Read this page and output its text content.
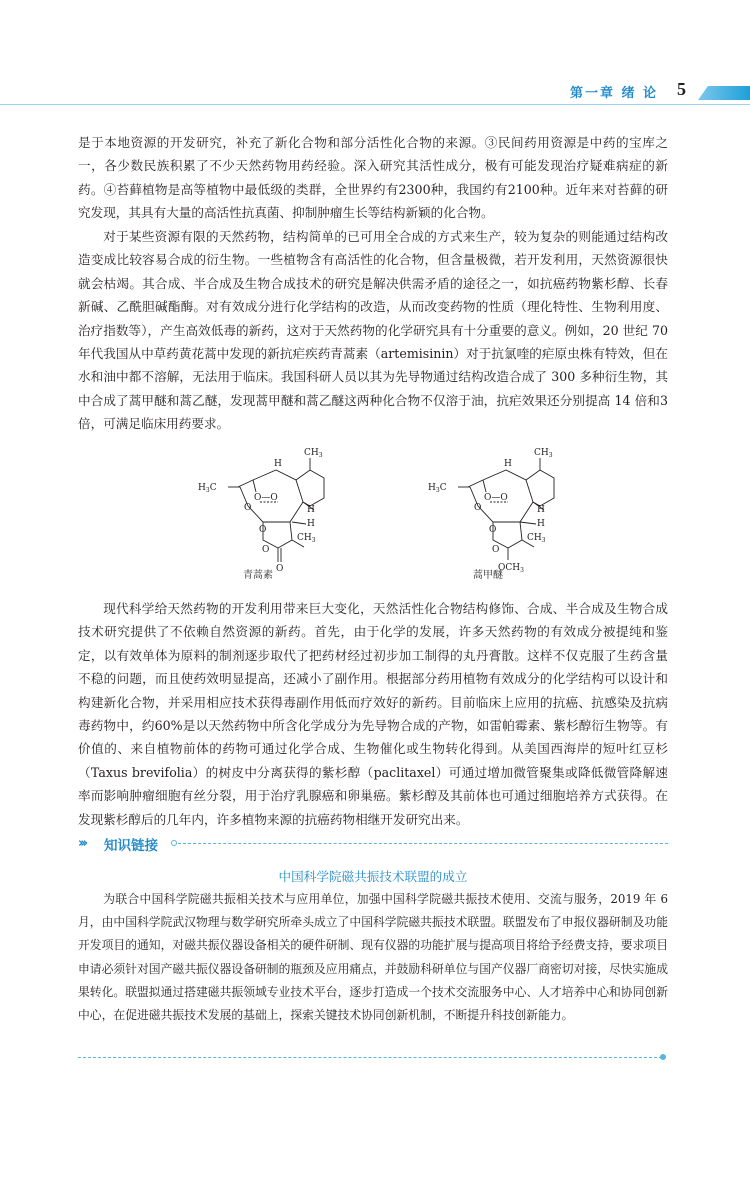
第一章 绪 论 5
是于本地资源的开发研究，补充了新化合物和部分活性化合物的来源。③民间药用资源是中药的宝库之一，各少数民族积累了不少天然药物用药经验。深入研究其活性成分，极有可能发现治疗疑难病症的新药。④苔藓植物是高等植物中最低级的类群，全世界约有2300种，我国约有2100种。近年来对苔藓的研究发现，其具有大量的高活性抗真菌、抑制肿瘤生长等结构新颖的化合物。
对于某些资源有限的天然药物，结构简单的已可用全合成的方式来生产，较为复杂的则能通过结构改造变成比较容易合成的衍生物。一些植物含有高活性的化合物，但含量极微，若开发利用，天然资源很快就会枯竭。其合成、半合成及生物合成技术的研究是解决供需矛盾的途径之一，如抗癌药物紫杉醇、长春新碱、乙酰胆碱酯酶。对有效成分进行化学结构的改造，从而改变药物的性质（理化特性、生物利用度、治疗指数等），产生高效低毒的新药，这对于天然药物的化学研究具有十分重要的意义。例如，20 世纪 70 年代我国从中草药黄花蒿中发现的新抗疟疾药青蒿素（artemisinin）对于抗氯喹的疟原虫株有特效，但在水和油中都不溶解，无法用于临床。我国科研人员以其为先导物通过结构改造合成了 300 多种衍生物，其中合成了蒿甲醚和蒿乙醚，发现蒿甲醚和蒿乙醚这两种化合物不仅溶于油，抗疟效果还分别提高 14 倍和3 倍，可满足临床用药要求。
$CH_3$
H
$H_3C$
O—O
O
O
O
O
H
H
$CH_3$
青蒿素
$CH_3$
H
$H_3C$
O—O
O
O
O
H
H
$CH_3$
$OCH_3$
蒿甲醚
现代科学给天然药物的开发利用带来巨大变化，天然活性化合物结构修饰、合成、半合成及生物合成技术研究提供了不依赖自然资源的新药。首先，由于化学的发展，许多天然药物的有效成分被提纯和鉴定，以有效单体为原料的制剂逐步取代了把药材经过初步加工制得的丸丹膏散。这样不仅克服了生药含量不稳的问题，而且使药效明显提高，还减小了副作用。根据部分药用植物有效成分的化学结构可以设计和构建新化合物，并采用相应技术获得毒副作用低而疗效好的新药。目前临床上应用的抗癌、抗感染及抗病毒药物中，约60%是以天然药物中所含化学成分为先导物合成的产物，如雷帕霉素、紫杉醇衍生物等。有价值的、来自植物前体的药物可通过化学合成、生物催化或生物转化得到。从美国西海岸的短叶红豆杉（Taxus brevifolia）的树皮中分离获得的紫杉醇（paclitaxel）可通过增加微管聚集或降低微管降解速率而影响肿瘤细胞有丝分裂，用于治疗乳腺癌和卵巢癌。紫杉醇及其前体也可通过细胞培养方式获得。在发现紫杉醇后的几年内，许多植物来源的抗癌药物相继开发研究出来。
››› 知识链接
中国科学院磁共振技术联盟的成立
为联合中国科学院磁共振相关技术与应用单位，加强中国科学院磁共振技术使用、交流与服务，2019 年 6 月，由中国科学院武汉物理与数学研究所牵头成立了中国科学院磁共振技术联盟。联盟发布了申报仪器研制及功能开发项目的通知，对磁共振仪器设备相关的硬件研制、现有仪器的功能扩展与提高项目将给予经费支持，要求项目申请必须针对国产磁共振仪器设备研制的瓶颈及应用痛点，并鼓励科研单位与国产仪器厂商密切对接，尽快实施成果转化。联盟拟通过搭建磁共振领域专业技术平台，逐步打造成一个技术交流服务中心、人才培养中心和协同创新中心，在促进磁共振技术发展的基础上，探索关键技术协同创新机制，不断提升科技创新能力。
